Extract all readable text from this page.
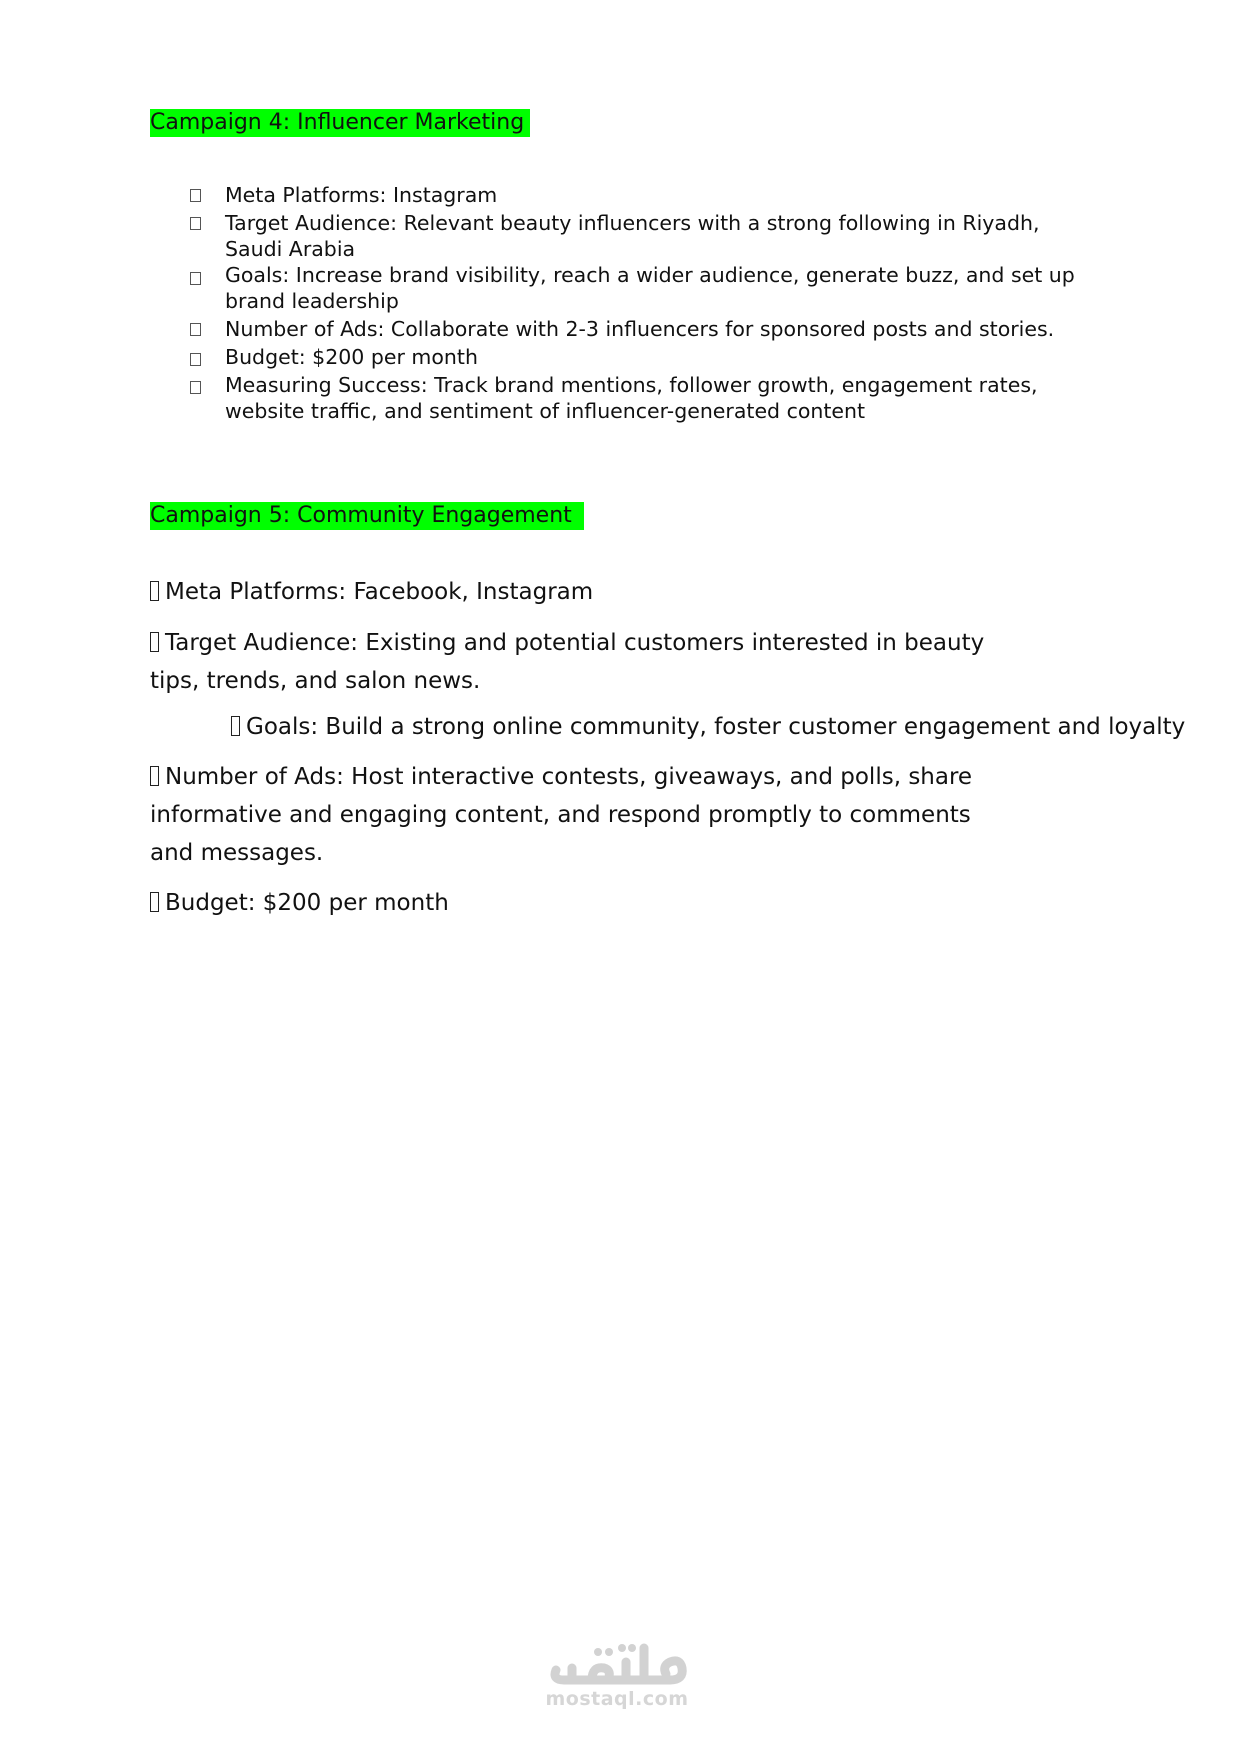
Campaign 4: Influencer Marketing
Meta Platforms: Instagram
Target Audience: Relevant beauty influencers with a strong following in Riyadh, Saudi Arabia
Goals: Increase brand visibility, reach a wider audience, generate buzz, and set up brand leadership
Number of Ads: Collaborate with 2-3 influencers for sponsored posts and stories.
Budget: $200 per month
Measuring Success: Track brand mentions, follower growth, engagement rates, website traffic, and sentiment of influencer-generated content
Campaign 5: Community Engagement

Meta Platforms: Facebook, Instagram

Target Audience: Existing and potential customers interested in beauty tips, trends, and salon news.

Goals: Build a strong online community, foster customer engagement and loyalty

Number of Ads: Host interactive contests, giveaways, and polls, share informative and engaging content, and respond promptly to comments and messages.

Budget: $200 per month

mostaql.com
